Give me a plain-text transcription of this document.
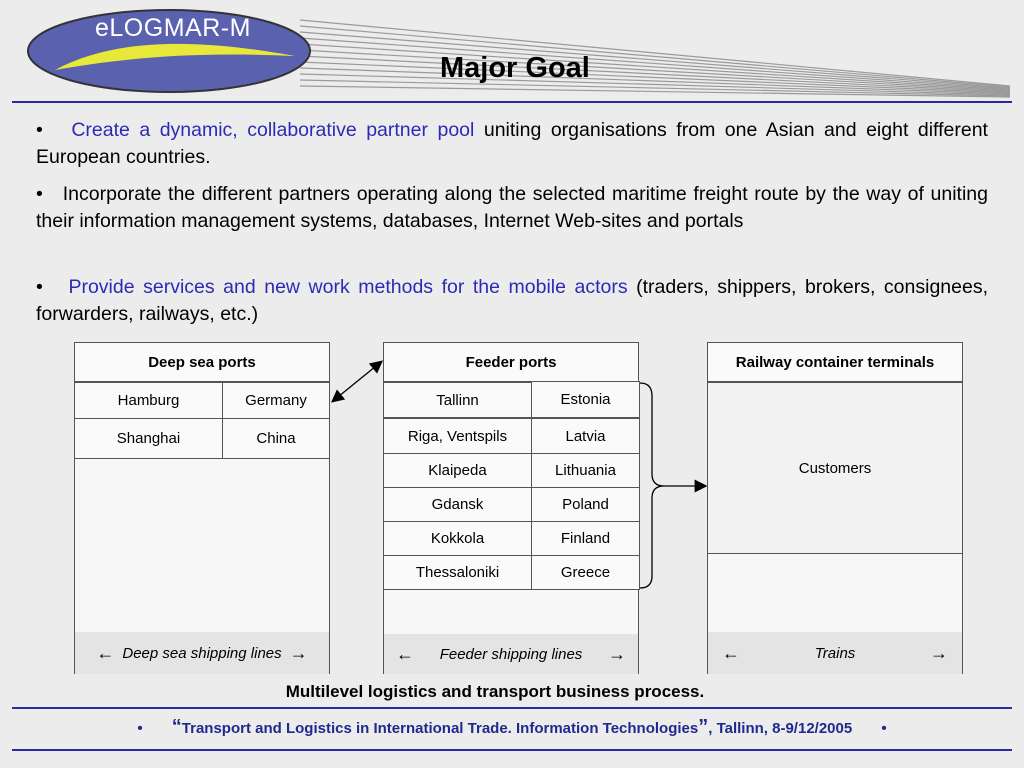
eLOGMAR-M
Major Goal
• Create a dynamic, collaborative partner pool uniting organisations from one Asian and eight different European countries.
• Incorporate the different partners operating along the selected maritime freight route by the way of uniting their information management systems, databases, Internet Web-sites and portals
• Provide services and new work methods for the mobile actors (traders, shippers, brokers, consignees, forwarders, railways, etc.)
Deep sea ports
Hamburg	Germany
Shanghai	China
← Deep sea shipping lines →
Feeder ports
Tallinn	Estonia
Riga, Ventspils	Latvia
Klaipeda	Lithuania
Gdansk	Poland
Kokkola	Finland
Thessaloniki	Greece
← Feeder shipping lines →
Railway container terminals
Customers
←	Trains	→
Multilevel logistics and transport business process.
• “Transport and Logistics in International Trade. Information Technologies”, Tallinn, 8-9/12/2005 •
